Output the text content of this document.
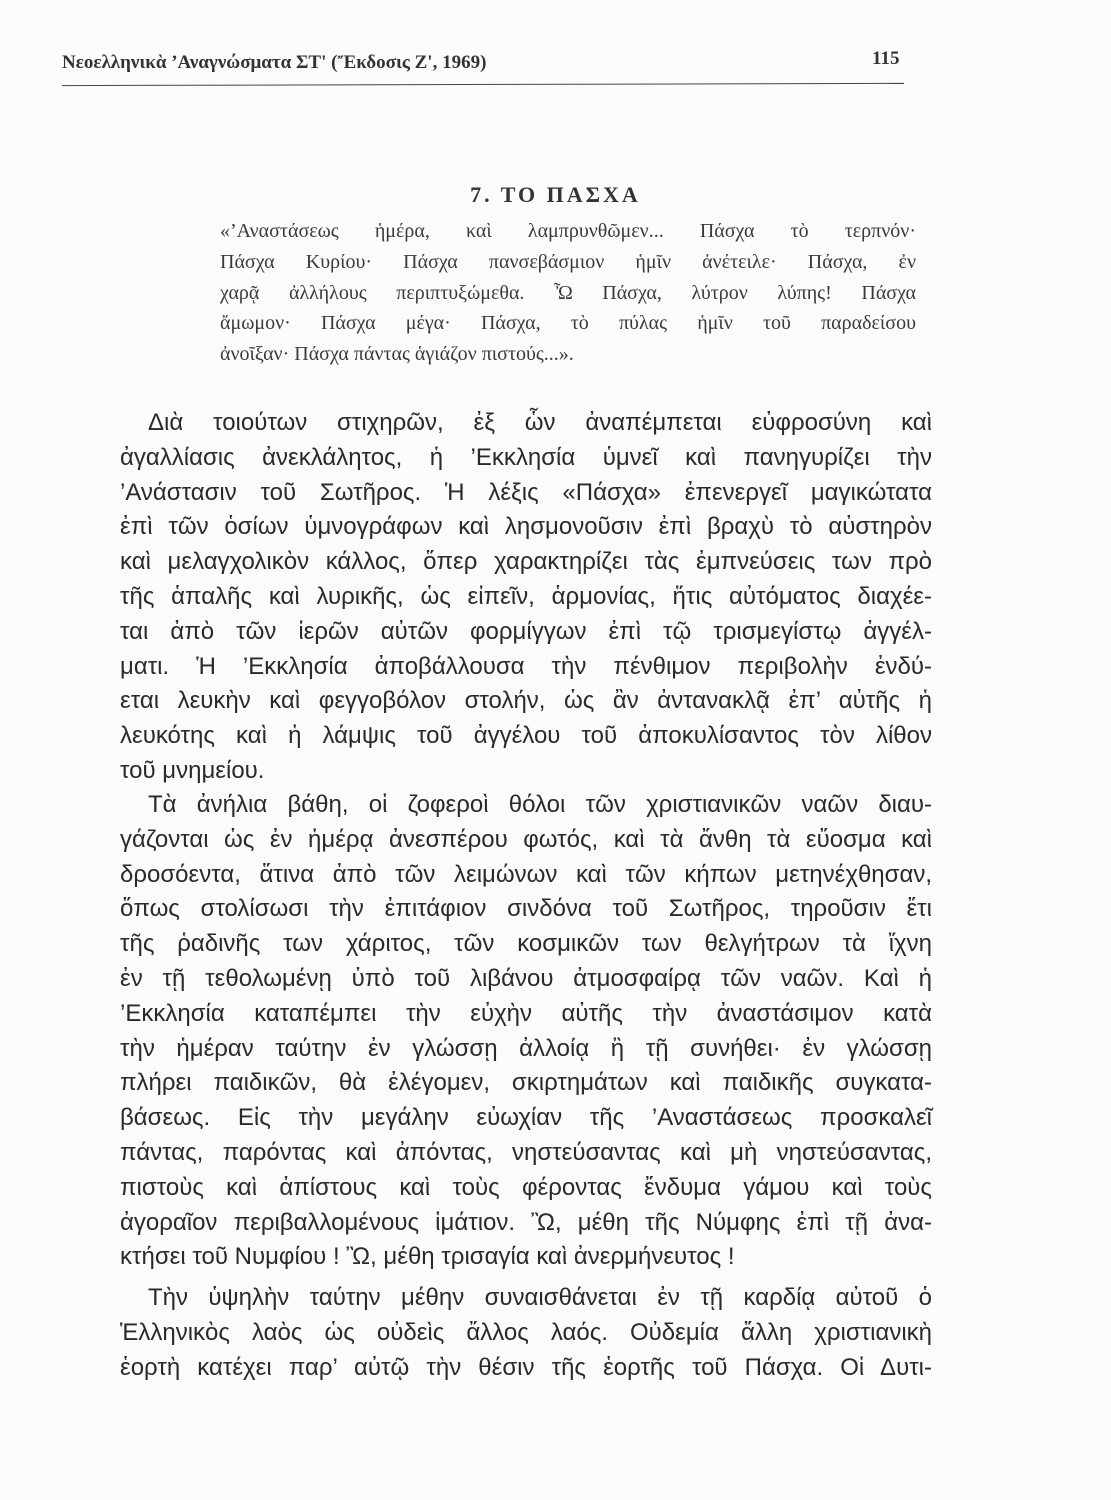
Νεοελληνικὰ ’Αναγνώσματα ΣΤ' (Ἔκδοσις Ζ', 1969)	115
7. ΤΟ ΠΑΣΧΑ
«’Αναστάσεως ἡμέρα, καὶ λαμπρυνθῶμεν... Πάσχα τὸ τερπνόν·
Πάσχα Κυρίου· Πάσχα πανσεβάσμιον ἡμῖν ἀνέτειλε· Πάσχα, ἐν
χαρᾷ ἀλλήλους περιπτυξώμεθα. Ὦ Πάσχα, λύτρον λύπης! Πάσχα
ἄμωμον· Πάσχα μέγα· Πάσχα, τὸ πύλας ἡμῖν τοῦ παραδείσου
ἀνοῖξαν· Πάσχα πάντας ἁγιάζον πιστούς...».
Διὰ τοιούτων στιχηρῶν, ἐξ ὧν ἀναπέμπεται εὐφροσύνη καὶ
ἀγαλλίασις ἀνεκλάλητος, ἡ ’Εκκλησία ὑμνεῖ καὶ πανηγυρίζει τὴν
’Ανάστασιν τοῦ Σωτῆρος. Ἡ λέξις «Πάσχα» ἐπενεργεῖ μαγικώτατα
ἐπὶ τῶν ὁσίων ὑμνογράφων καὶ λησμονοῦσιν ἐπὶ βραχὺ τὸ αὐστηρὸν
καὶ μελαγχολικὸν κάλλος, ὅπερ χαρακτηρίζει τὰς ἐμπνεύσεις των πρὸ
τῆς ἁπαλῆς καὶ λυρικῆς, ὡς εἰπεῖν, ἁρμονίας, ἥτις αὐτόματος διαχέε-
ται ἀπὸ τῶν ἱερῶν αὐτῶν φορμίγγων ἐπὶ τῷ τρισμεγίστῳ ἀγγέλ-
ματι. Ἡ ’Εκκλησία ἀποβάλλουσα τὴν πένθιμον περιβολὴν ἐνδύ-
εται λευκὴν καὶ φεγγοβόλον στολήν, ὡς ἂν ἀντανακλᾷ ἐπ’ αὐτῆς ἡ
λευκότης καὶ ἡ λάμψις τοῦ ἀγγέλου τοῦ ἀποκυλίσαντος τὸν λίθον
τοῦ μνημείου.
Τὰ ἀνήλια βάθη, οἱ ζοφεροὶ θόλοι τῶν χριστιανικῶν ναῶν διαυ-
γάζονται ὡς ἐν ἡμέρᾳ ἀνεσπέρου φωτός, καὶ τὰ ἄνθη τὰ εὔοσμα καὶ
δροσόεντα, ἅτινα ἀπὸ τῶν λειμώνων καὶ τῶν κήπων μετηνέχθησαν,
ὅπως στολίσωσι τὴν ἐπιτάφιον σινδόνα τοῦ Σωτῆρος, τηροῦσιν ἔτι
τῆς ῥαδινῆς των χάριτος, τῶν κοσμικῶν των θελγήτρων τὰ ἴχνη
ἐν τῇ τεθολωμένῃ ὑπὸ τοῦ λιβάνου ἀτμοσφαίρᾳ τῶν ναῶν. Καὶ ἡ
’Εκκλησία καταπέμπει τὴν εὐχὴν αὐτῆς τὴν ἀναστάσιμον κατὰ
τὴν ἡμέραν ταύτην ἐν γλώσσῃ ἀλλοίᾳ ἢ τῇ συνήθει· ἐν γλώσσῃ
πλήρει παιδικῶν, θὰ ἐλέγομεν, σκιρτημάτων καὶ παιδικῆς συγκατα-
βάσεως. Εἰς τὴν μεγάλην εὐωχίαν τῆς ’Αναστάσεως προσκαλεῖ
πάντας, παρόντας καὶ ἀπόντας, νηστεύσαντας καὶ μὴ νηστεύσαντας,
πιστοὺς καὶ ἀπίστους καὶ τοὺς φέροντας ἔνδυμα γάμου καὶ τοὺς
ἀγοραῖον περιβαλλομένους ἱμάτιον. Ὢ, μέθη τῆς Νύμφης ἐπὶ τῇ ἀνα-
κτήσει τοῦ Νυμφίου ! Ὢ, μέθη τρισαγία καὶ ἀνερμήνευτος !
Τὴν ὑψηλὴν ταύτην μέθην συναισθάνεται ἐν τῇ καρδίᾳ αὐτοῦ ὁ
Ἑλληνικὸς λαὸς ὡς οὐδεὶς ἄλλος λαός. Οὐδεμία ἄλλη χριστιανικὴ
ἑορτὴ κατέχει παρ’ αὐτῷ τὴν θέσιν τῆς ἑορτῆς τοῦ Πάσχα. Οἱ Δυτι-
